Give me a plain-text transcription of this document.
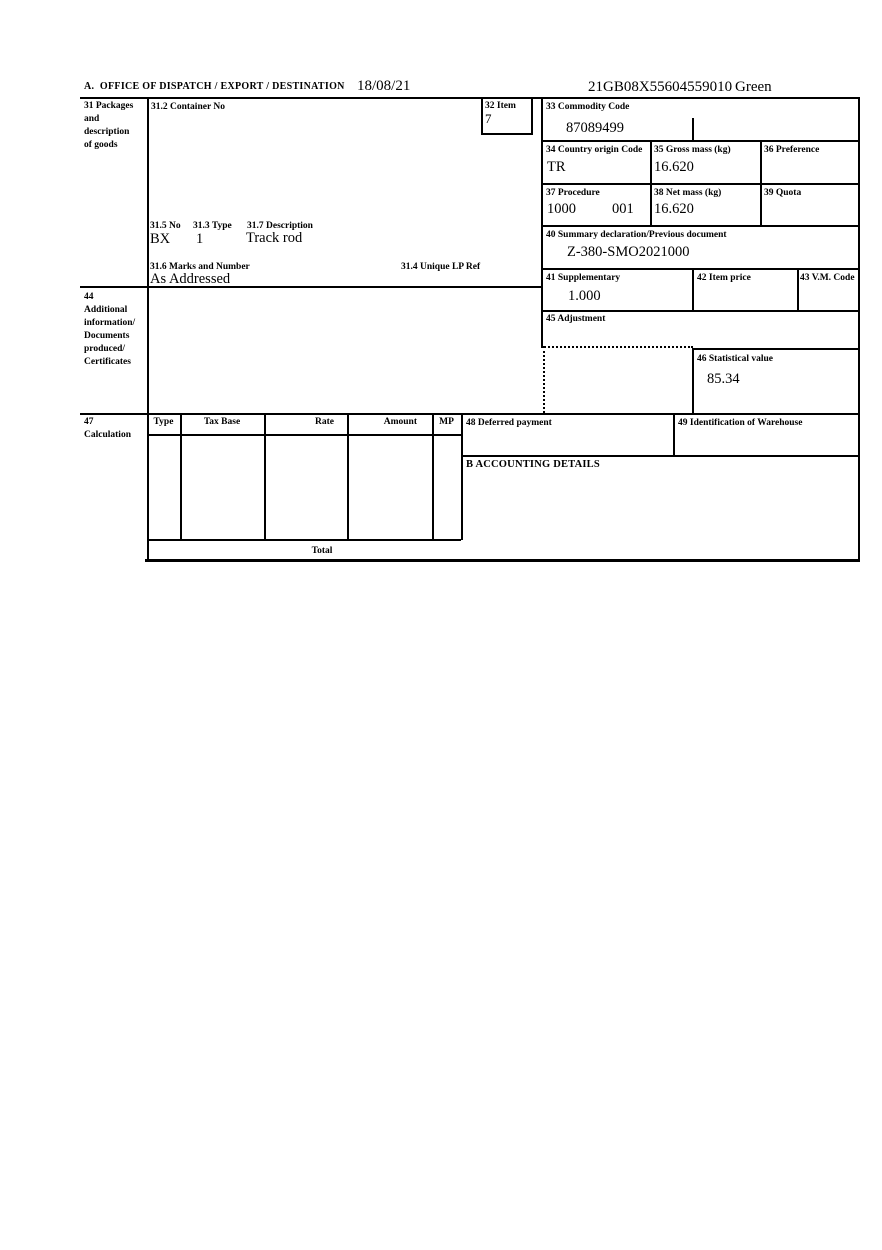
A.  OFFICE OF DISPATCH / EXPORT / DESTINATION 18/08/21	21GB08X55604559010 Green
31 Packages
and
description
of goods
31.2 Container No	32 Item
7
33 Commodity Code
87089499
34 Country origin Code
TR
35 Gross mass (kg)
16.620
36 Preference
37 Procedure
1000 001
38 Net mass (kg)
16.620
39 Quota
40 Summary declaration/Previous document
Z-380-SMO2021000
41 Supplementary
1.000
42 Item price	43 V.M. Code
45 Adjustment
46 Statistical value
85.34
31.5 No 31.3 Type 31.7 Description
BX 1	Track rod
31.6 Marks and Number	31.4 Unique LP Ref
As Addressed
44
Additional
information/
Documents
produced/
Certificates
47
Calculation
Type	Tax Base	Rate	Amount	MP	48 Deferred payment	49 Identification of Warehouse
B ACCOUNTING DETAILS
Total
